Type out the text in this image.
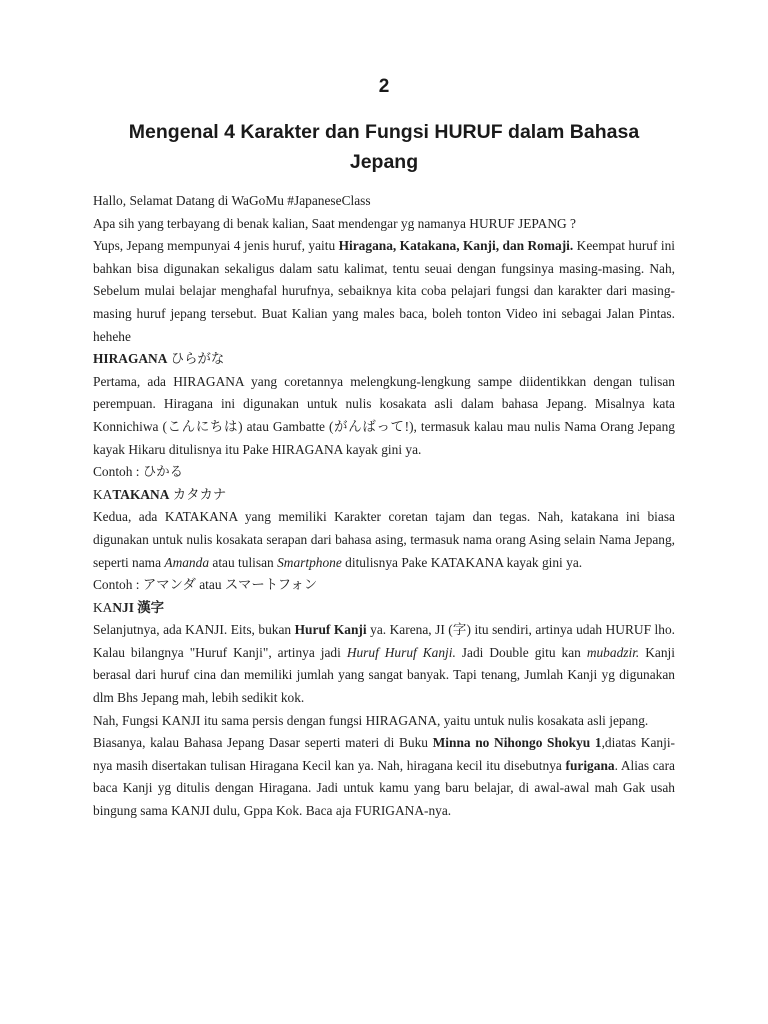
2
Mengenal 4 Karakter dan Fungsi HURUF dalam Bahasa Jepang

Hallo, Selamat Datang di WaGoMu #JapaneseClass

Apa sih yang terbayang di benak kalian, Saat mendengar yg namanya HURUF JEPANG ?

Yups, Jepang mempunyai 4 jenis huruf, yaitu Hiragana, Katakana, Kanji, dan Romaji. Keempat huruf ini bahkan bisa digunakan sekaligus dalam satu kalimat, tentu seuai dengan fungsinya masing-masing. Nah, Sebelum mulai belajar menghafal hurufnya, sebaiknya kita coba pelajari fungsi dan karakter dari masing-masing huruf jepang tersebut. Buat Kalian yang males baca, boleh tonton Video ini sebagai Jalan Pintas. hehehe

HIRAGANA ひらがな

Pertama, ada HIRAGANA yang coretannya melengkung-lengkung sampe diidentikkan dengan tulisan perempuan. Hiragana ini digunakan untuk nulis kosakata asli dalam bahasa Jepang. Misalnya kata Konnichiwa (こんにちは) atau Gambatte (がんばって!), termasuk kalau mau nulis Nama Orang Jepang kayak Hikaru ditulisnya itu Pake HIRAGANA kayak gini ya.

Contoh : ひかる

KATAKANA カタカナ

Kedua, ada KATAKANA yang memiliki Karakter coretan tajam dan tegas. Nah, katakana ini biasa digunakan untuk nulis kosakata serapan dari bahasa asing, termasuk nama orang Asing selain Nama Jepang, seperti nama Amanda atau tulisan Smartphone ditulisnya Pake KATAKANA kayak gini ya.

Contoh : アマンダ atau スマートフォン

KANJI 漢字

Selanjutnya, ada KANJI. Eits, bukan Huruf Kanji ya. Karena, JI (字) itu sendiri, artinya udah HURUF lho. Kalau bilangnya "Huruf Kanji", artinya jadi Huruf Huruf Kanji. Jadi Double gitu kan mubadzir. Kanji berasal dari huruf cina dan memiliki jumlah yang sangat banyak. Tapi tenang, Jumlah Kanji yg digunakan dlm Bhs Jepang mah, lebih sedikit kok.

Nah, Fungsi KANJI itu sama persis dengan fungsi HIRAGANA, yaitu untuk nulis kosakata asli jepang.

Biasanya, kalau Bahasa Jepang Dasar seperti materi di Buku Minna no Nihongo Shokyu 1,diatas Kanji-nya masih disertakan tulisan Hiragana Kecil kan ya. Nah, hiragana kecil itu disebutnya furigana. Alias cara baca Kanji yg ditulis dengan Hiragana. Jadi untuk kamu yang baru belajar, di awal-awal mah Gak usah bingung sama KANJI dulu, Gppa Kok. Baca aja FURIGANA-nya.
